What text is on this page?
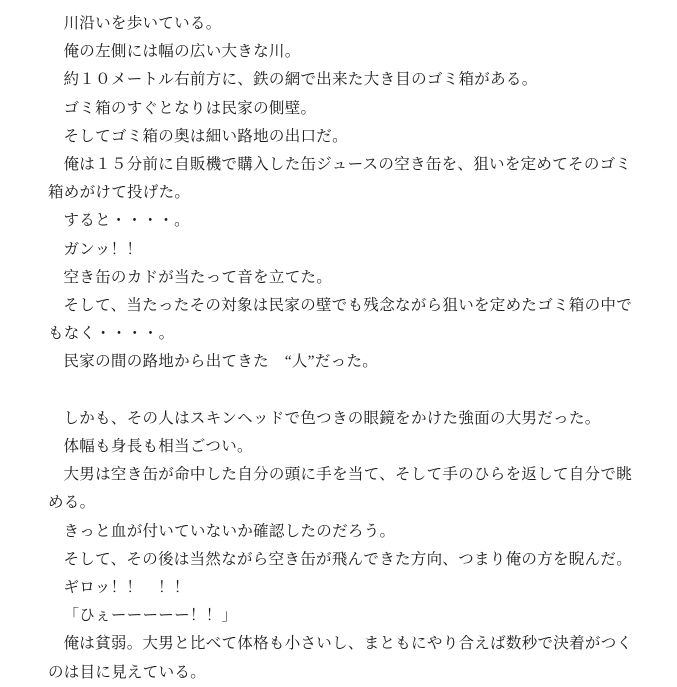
川沿いを歩いている。

俺の左側には幅の広い大きな川。

約１０メートル右前方に、鉄の網で出来た大き目のゴミ箱がある。

ゴミ箱のすぐとなりは民家の側壁。

そしてゴミ箱の奥は細い路地の出口だ。

俺は１５分前に自販機で購入した缶ジュースの空き缶を、狙いを定めてそのゴミ箱めがけて投げた。

すると・・・・。

ガンッ！！

空き缶のカドが当たって音を立てた。

そして、当たったその対象は民家の壁でも残念ながら狙いを定めたゴミ箱の中でもなく・・・・。

民家の間の路地から出てきた　“人”だった。

しかも、その人はスキンヘッドで色つきの眼鏡をかけた強面の大男だった。

体幅も身長も相当ごつい。

大男は空き缶が命中した自分の頭に手を当て、そして手のひらを返して自分で眺める。

きっと血が付いていないか確認したのだろう。

そして、その後は当然ながら空き缶が飛んできた方向、つまり俺の方を睨んだ。

ギロッ！！　！！

「ひぇーーーーー！！」

俺は貧弱。大男と比べて体格も小さいし、まともにやり合えば数秒で決着がつくのは目に見えている。
